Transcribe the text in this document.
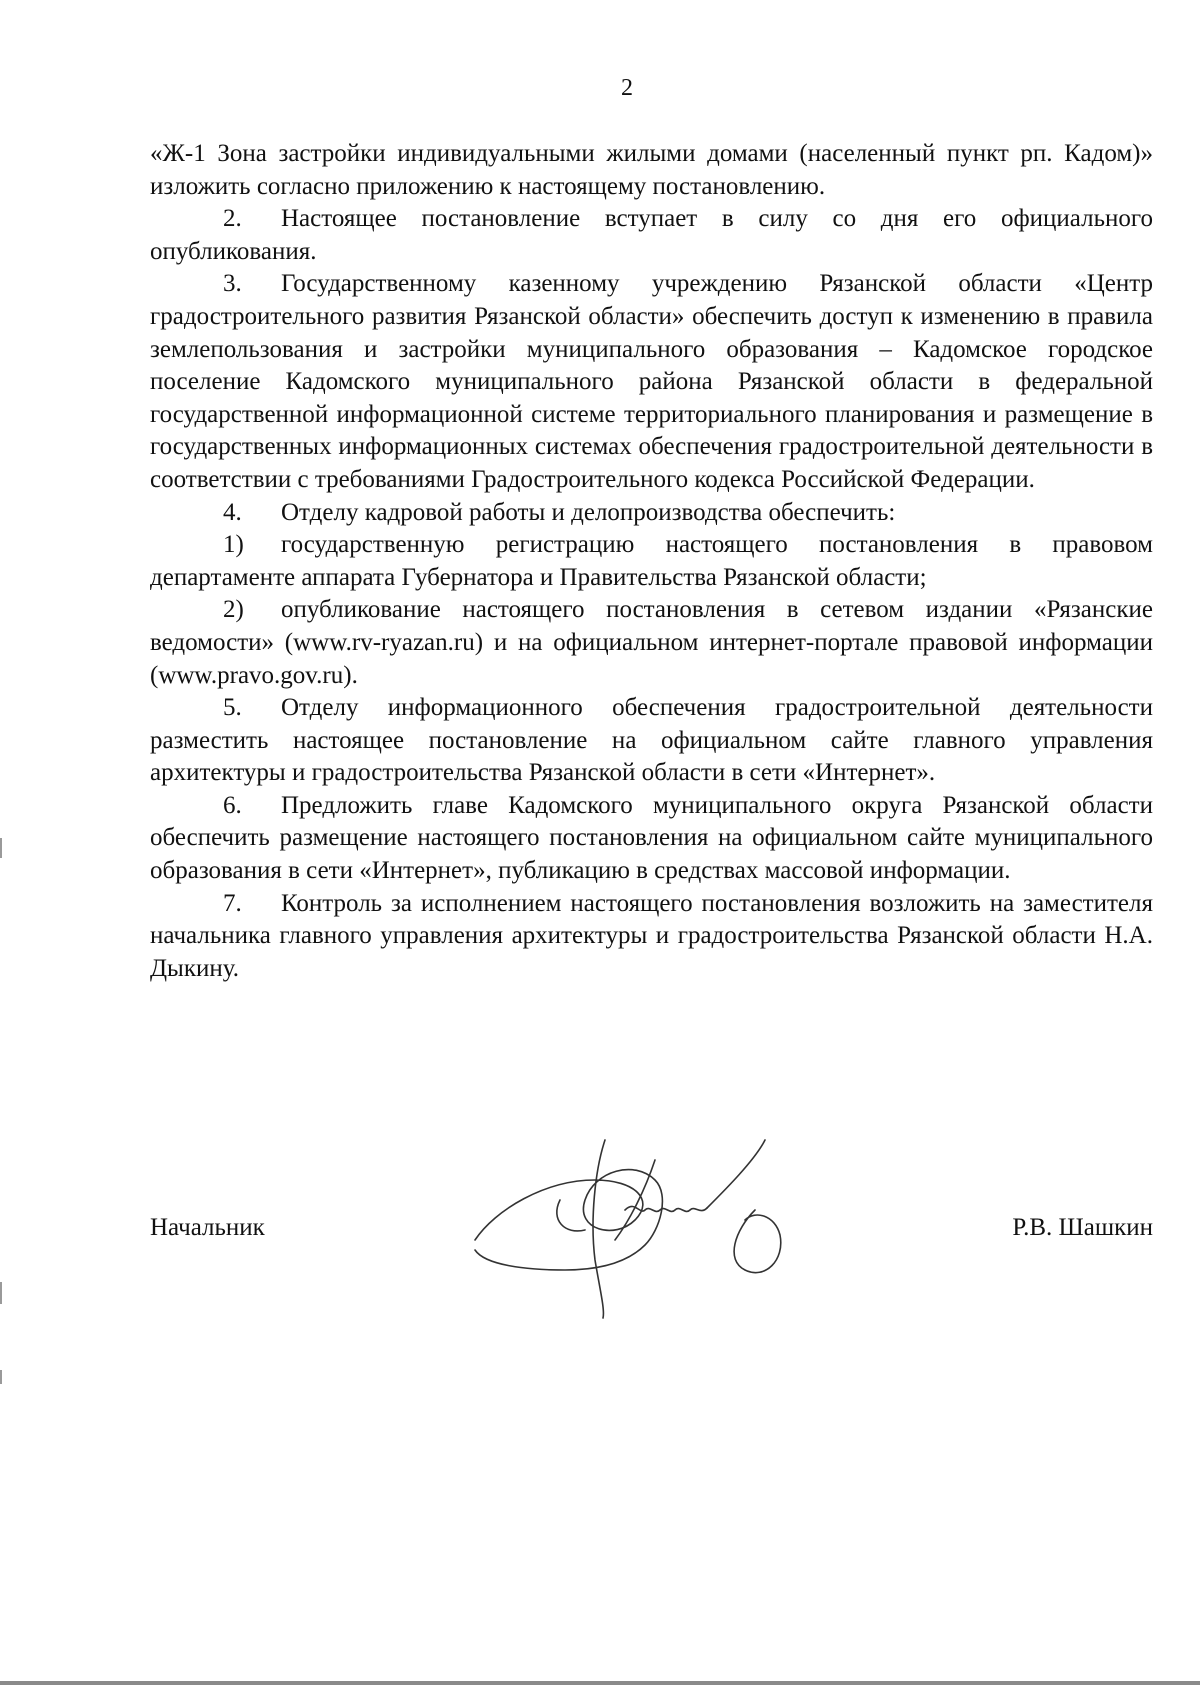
2

«Ж-1 Зона застройки индивидуальными жилыми домами (населенный пункт рп. Кадом)» изложить согласно приложению к настоящему постановлению.

2. Настоящее постановление вступает в силу со дня его официального опубликования.

3. Государственному казенному учреждению Рязанской области «Центр градостроительного развития Рязанской области» обеспечить доступ к изменению в правила землепользования и застройки муниципального образования – Кадомское городское поселение Кадомского муниципального района Рязанской области в федеральной государственной информационной системе территориального планирования и размещение в государственных информационных системах обеспечения градостроительной деятельности в соответствии с требованиями Градостроительного кодекса Российской Федерации.

4. Отделу кадровой работы и делопроизводства обеспечить:

1) государственную регистрацию настоящего постановления в правовом департаменте аппарата Губернатора и Правительства Рязанской области;

2) опубликование настоящего постановления в сетевом издании «Рязанские ведомости» (www.rv-ryazan.ru) и на официальном интернет-портале правовой информации (www.pravo.gov.ru).

5. Отделу информационного обеспечения градостроительной деятельности разместить настоящее постановление на официальном сайте главного управления архитектуры и градостроительства Рязанской области в сети «Интернет».

6. Предложить главе Кадомского муниципального округа Рязанской области обеспечить размещение настоящего постановления на официальном сайте муниципального образования в сети «Интернет», публикацию в средствах массовой информации.

7. Контроль за исполнением настоящего постановления возложить на заместителя начальника главного управления архитектуры и градостроительства Рязанской области Н.А. Дыкину.

Начальник	Р.В. Шашкин
